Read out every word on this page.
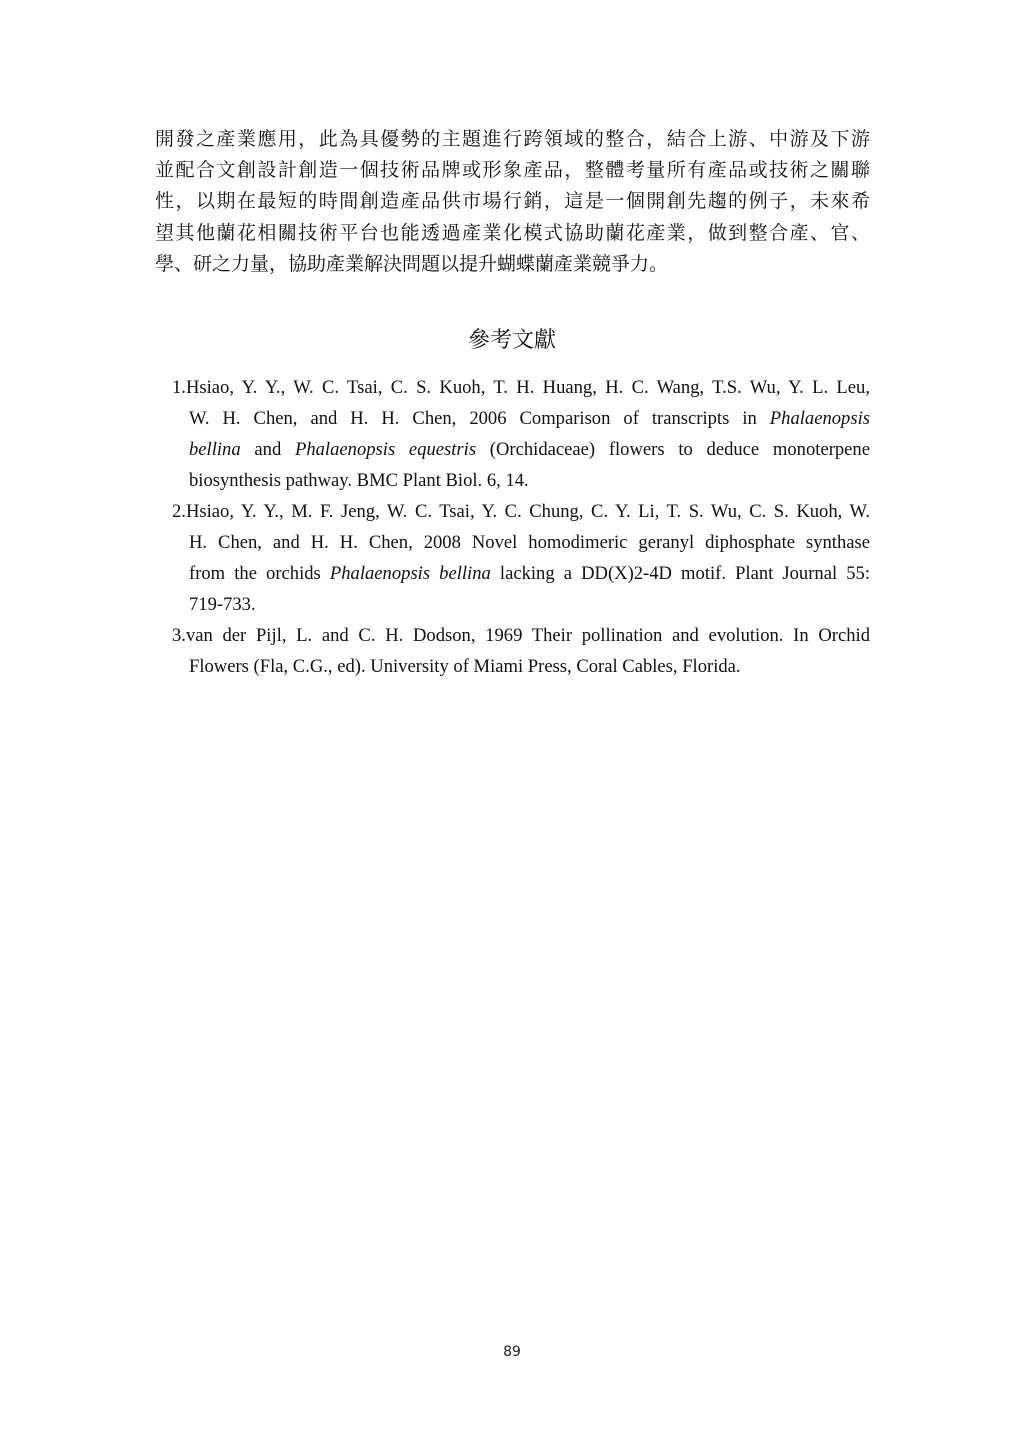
開發之產業應用，此為具優勢的主題進行跨領域的整合，結合上游、中游及下游
並配合文創設計創造一個技術品牌或形象產品，整體考量所有產品或技術之關聯
性，以期在最短的時間創造產品供市場行銷，這是一個開創先趨的例子，未來希
望其他蘭花相關技術平台也能透過產業化模式協助蘭花產業，做到整合產、官、
學、研之力量，協助產業解決問題以提升蝴蝶蘭產業競爭力。
參考文獻
1.Hsiao, Y. Y., W. C. Tsai, C. S. Kuoh, T. H. Huang, H. C. Wang, T.S. Wu, Y. L. Leu,
W. H. Chen, and H. H. Chen, 2006 Comparison of transcripts in Phalaenopsis
bellina and Phalaenopsis equestris (Orchidaceae) flowers to deduce monoterpene
biosynthesis pathway. BMC Plant Biol. 6, 14.
2.Hsiao, Y. Y., M. F. Jeng, W. C. Tsai, Y. C. Chung, C. Y. Li, T. S. Wu, C. S. Kuoh, W.
H. Chen, and H. H. Chen, 2008 Novel homodimeric geranyl diphosphate synthase
from the orchids Phalaenopsis bellina lacking a DD(X)2-4D motif. Plant Journal 55:
719-733.
3.van der Pijl, L. and C. H. Dodson, 1969 Their pollination and evolution. In Orchid
Flowers (Fla, C.G., ed). University of Miami Press, Coral Cables, Florida.
89
